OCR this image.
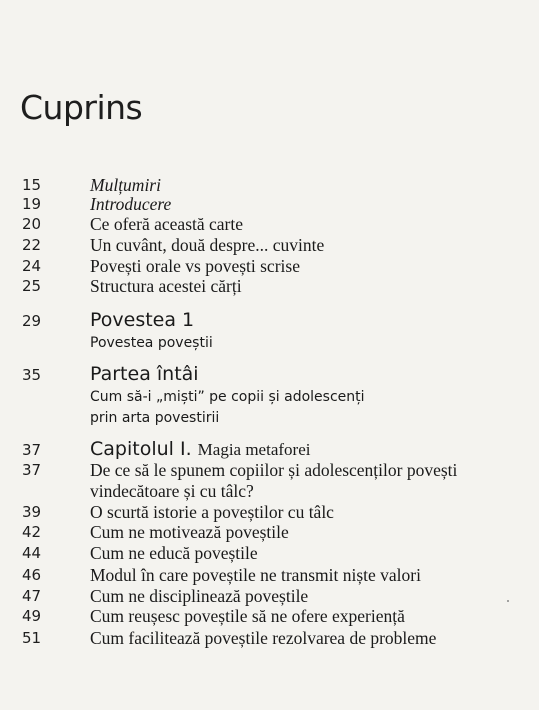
Cuprins
15	Mulțumiri
19	Introducere
20	Ce oferă această carte
22	Un cuvânt, două despre... cuvinte
24	Povești orale vs povești scrise
25	Structura acestei cărți
29	Povestea 1
Povestea poveștii
35	Partea întâi
Cum să-i „miști” pe copii și adolescenți
prin arta povestirii
37	Capitolul I. Magia metaforei
37	De ce să le spunem copiilor și adolescenților povești
vindecătoare și cu tâlc?
39	O scurtă istorie a poveștilor cu tâlc
42	Cum ne motivează poveștile
44	Cum ne educă poveștile
46	Modul în care poveștile ne transmit niște valori
47	Cum ne disciplinează poveștile
49	Cum reușesc poveștile să ne ofere experiență
51	Cum facilitează poveștile rezolvarea de probleme
